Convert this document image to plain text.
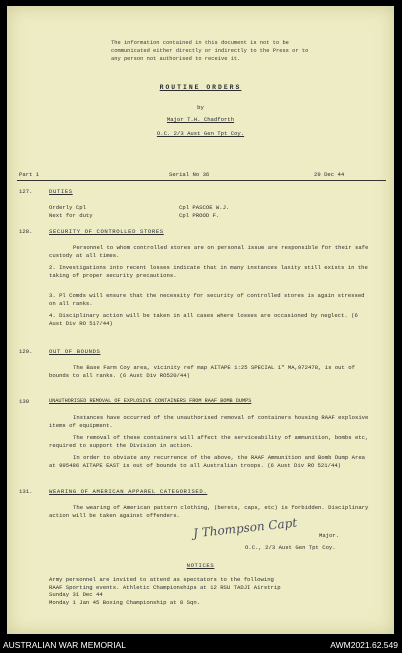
The information contained in this document is not to be communicated either directly or indirectly to the Press or to any person not authorised to receive it.
ROUTINE ORDERS
by
Major T.H. Chadforth
O.C. 2/3 Aust Gen Tpt Coy.
Part 1	Serial No 36	29 Dec 44
127.	DUTIES
Orderly Cpl	Cpl PASCOE W.J.
Next for duty	Cpl PROOD F.
128.	SECURITY OF CONTROLLED STORES
Personnel to whom controlled stores are on personal issue are responsible for their safe custody at all times.
2. Investigations into recent losses indicate that in many instances laxity still exists in the taking of proper security precautions.
3. Pl Comds will ensure that the necessity for security of controlled stores is again stressed on all ranks.
4. Disciplinary action will be taken in all cases where losses are occasioned by neglect. (6 Aust Div RO 517/44)
129.	OUT OF BOUNDS
The Base Farm Coy area, vicinity ref map AITAPE 1:25 SPECIAL 1" MA,972478, is out of bounds to all ranks. (6 Aust Div RO520/44)
130	UNAUTHORISED REMOVAL OF EXPLOSIVE CONTAINERS FROM RAAF BOMB DUMPS
Instances have occurred of the unauthorised removal of containers housing RAAF explosive items of equipment.
The removal of these containers will affect the serviceability of ammunition, bombs etc, required to support the Division in action.
In order to obviate any recurrence of the above, the RAAF Ammunition and Bomb Dump Area at 995486 AITAPE EAST is out of bounds to all Australian troops. (6 Aust Div RO 521/44)
131.	WEARING OF AMERICAN APPAREL CATEGORISED.
The wearing of American pattern clothing, (berets, caps, etc) is forbidden. Disciplinary action will be taken against offenders.
J Thompson Capt	Major.
O.C., 2/3 Aust Gen Tpt Coy.
NOTICES
Army personnel are invited to attend as spectators to the following
RAAF Sporting events. Athletic Championships at 12 RSU TADJI Airstrip
Sunday 31 Dec 44
Monday 1 Jan 45 Boxing Championship at 8 Sqn.
AUSTRALIAN WAR MEMORIAL	AWM2021.62.549
